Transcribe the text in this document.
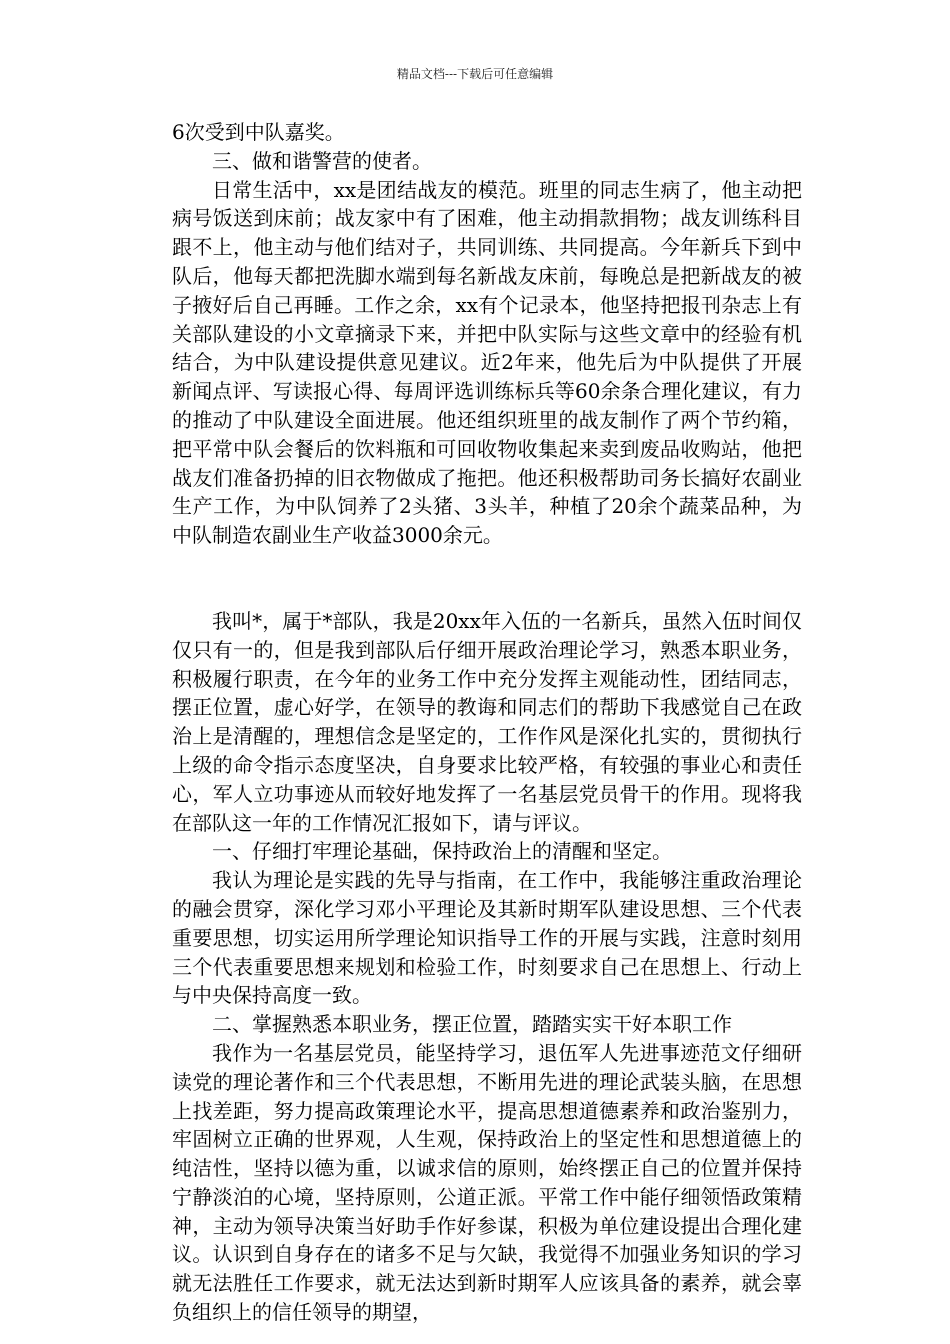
精品文档---下载后可任意编辑

6次受到中队嘉奖。

三、做和谐警营的使者。

日常生活中，xx是团结战友的模范。班里的同志生病了，他主动把病号饭送到床前；战友家中有了困难，他主动捐款捐物；战友训练科目跟不上，他主动与他们结对子，共同训练、共同提高。今年新兵下到中队后，他每天都把洗脚水端到每名新战友床前，每晚总是把新战友的被子掖好后自己再睡。工作之余，xx有个记录本，他坚持把报刊杂志上有关部队建设的小文章摘录下来，并把中队实际与这些文章中的经验有机结合，为中队建设提供意见建议。近2年来，他先后为中队提供了开展新闻点评、写读报心得、每周评选训练标兵等60余条合理化建议，有力的推动了中队建设全面进展。他还组织班里的战友制作了两个节约箱，把平常中队会餐后的饮料瓶和可回收物收集起来卖到废品收购站，他把战友们准备扔掉的旧衣物做成了拖把。他还积极帮助司务长搞好农副业生产工作，为中队饲养了2头猪、3头羊，种植了20余个蔬菜品种，为中队制造农副业生产收益3000余元。

我叫*，属于*部队，我是20xx年入伍的一名新兵，虽然入伍时间仅仅只有一的，但是我到部队后仔细开展政治理论学习，熟悉本职业务，积极履行职责，在今年的业务工作中充分发挥主观能动性，团结同志，摆正位置，虚心好学，在领导的教诲和同志们的帮助下我感觉自己在政治上是清醒的，理想信念是坚定的，工作作风是深化扎实的，贯彻执行上级的命令指示态度坚决，自身要求比较严格，有较强的事业心和责任心，军人立功事迹从而较好地发挥了一名基层党员骨干的作用。现将我在部队这一年的工作情况汇报如下，请与评议。

一、仔细打牢理论基础，保持政治上的清醒和坚定。

我认为理论是实践的先导与指南，在工作中，我能够注重政治理论的融会贯穿，深化学习邓小平理论及其新时期军队建设思想、三个代表重要思想，切实运用所学理论知识指导工作的开展与实践，注意时刻用三个代表重要思想来规划和检验工作，时刻要求自己在思想上、行动上与中央保持高度一致。

二、掌握熟悉本职业务，摆正位置，踏踏实实干好本职工作

我作为一名基层党员，能坚持学习，退伍军人先进事迹范文仔细研读党的理论著作和三个代表思想，不断用先进的理论武装头脑，在思想上找差距，努力提高政策理论水平，提高思想道德素养和政治鉴别力，牢固树立正确的世界观，人生观，保持政治上的坚定性和思想道德上的纯洁性，坚持以德为重，以诚求信的原则，始终摆正自己的位置并保持宁静淡泊的心境，坚持原则，公道正派。平常工作中能仔细领悟政策精神，主动为领导决策当好助手作好参谋，积极为单位建设提出合理化建议。认识到自身存在的诸多不足与欠缺，我觉得不加强业务知识的学习就无法胜任工作要求，就无法达到新时期军人应该具备的素养，就会辜负组织上的信任领导的期望，
